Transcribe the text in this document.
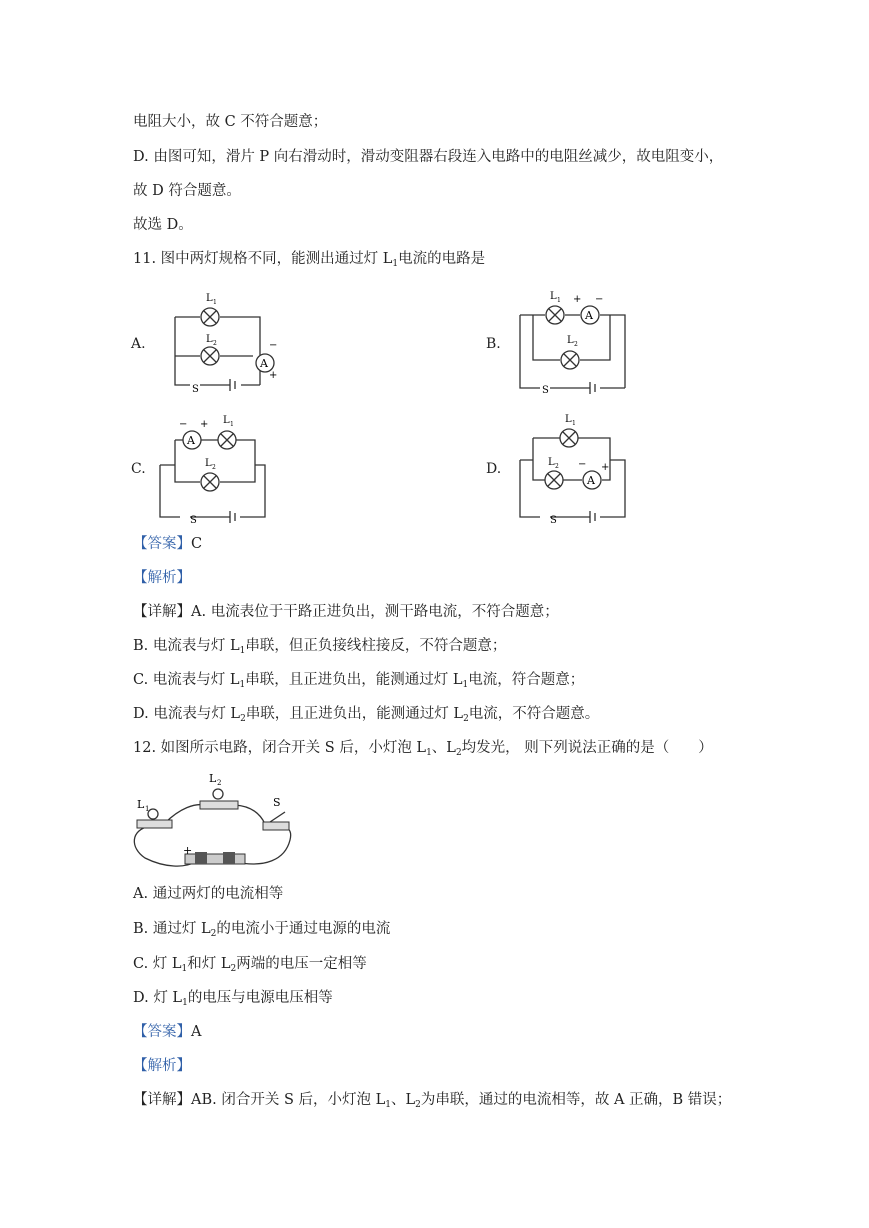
电阻大小，故 C 不符合题意；
D. 由图可知，滑片 P 向右滑动时，滑动变阻器右段连入电路中的电阻丝减少，故电阻变小，
故 D 符合题意。
故选 D。
11. 图中两灯规格不同，能测出通过灯 $L_1$电流的电路是
A.	B.
C.	D.
A
L 1
L 2	−
+
S
A
L 1 + −
L 2
S
A
− + L 1
L 2
S
A
L 1
L 2 − +
S
【答案】C
【解析】
【详解】A. 电流表位于干路正进负出，测干路电流，不符合题意；
B. 电流表与灯 $L_1$串联，但正负接线柱接反，不符合题意；
C. 电流表与灯 $L_1$串联，且正进负出，能测通过灯 $L_1$电流，符合题意；
D. 电流表与灯 $L_2$串联，且正进负出，能测通过灯 $L_2$电流，不符合题意。
12. 如图所示电路，闭合开关 S 后，小灯泡 $L_1$、$L_2$均发光， 则下列说法正确的是（　　）
L 1
L 2
S
+
A. 通过两灯的电流相等
B. 通过灯 $L_2$的电流小于通过电源的电流
C. 灯 $L_1$和灯 $L_2$两端的电压一定相等
D. 灯 $L_1$的电压与电源电压相等
【答案】A
【解析】
【详解】AB. 闭合开关 S 后，小灯泡 $L_1$、$L_2$为串联，通过的电流相等，故 A 正确，B 错误；
